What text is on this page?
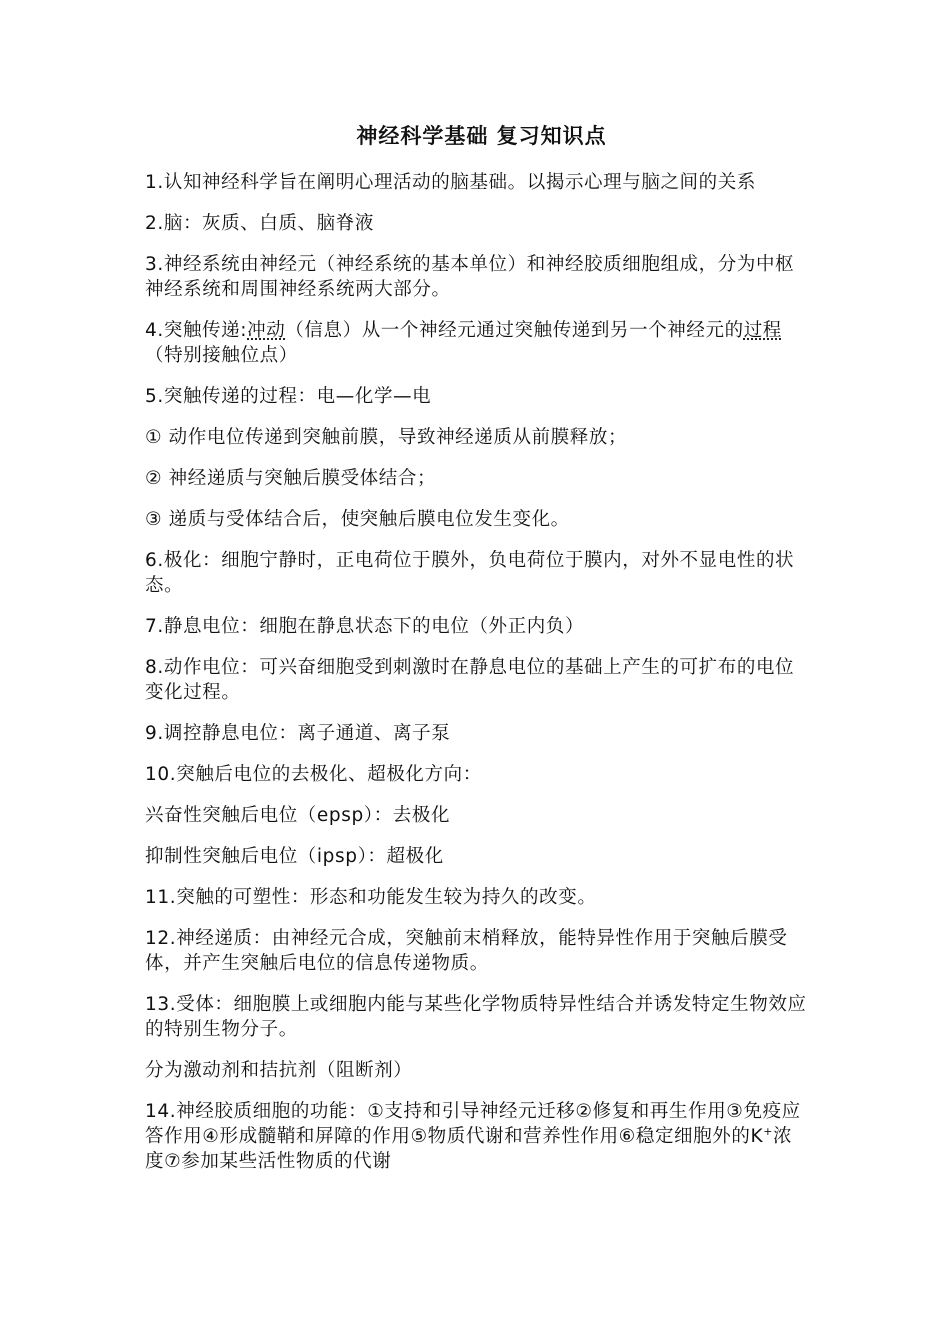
神经科学基础 复习知识点
1.认知神经科学旨在阐明心理活动的脑基础。以揭示心理与脑之间的关系
2.脑：灰质、白质、脑脊液
3.神经系统由神经元（神经系统的基本单位）和神经胶质细胞组成，分为中枢神经系统和周围神经系统两大部分。
4.突触传递:冲动（信息）从一个神经元通过突触传递到另一个神经元的过程（特别接触位点）
5.突触传递的过程：电—化学—电
① 动作电位传递到突触前膜，导致神经递质从前膜释放；
② 神经递质与突触后膜受体结合；
③ 递质与受体结合后，使突触后膜电位发生变化。
6.极化：细胞宁静时，正电荷位于膜外，负电荷位于膜内，对外不显电性的状态。
7.静息电位：细胞在静息状态下的电位（外正内负）
8.动作电位：可兴奋细胞受到刺激时在静息电位的基础上产生的可扩布的电位变化过程。
9.调控静息电位：离子通道、离子泵
10.突触后电位的去极化、超极化方向：
兴奋性突触后电位（epsp）：去极化
抑制性突触后电位（ipsp）：超极化
11.突触的可塑性：形态和功能发生较为持久的改变。
12.神经递质：由神经元合成，突触前末梢释放，能特异性作用于突触后膜受体，并产生突触后电位的信息传递物质。
13.受体：细胞膜上或细胞内能与某些化学物质特异性结合并诱发特定生物效应的特别生物分子。
分为激动剂和拮抗剂（阻断剂）
14.神经胶质细胞的功能：①支持和引导神经元迁移②修复和再生作用③免疫应答作用④形成髓鞘和屏障的作用⑤物质代谢和营养性作用⑥稳定细胞外的K+浓度⑦参加某些活性物质的代谢
